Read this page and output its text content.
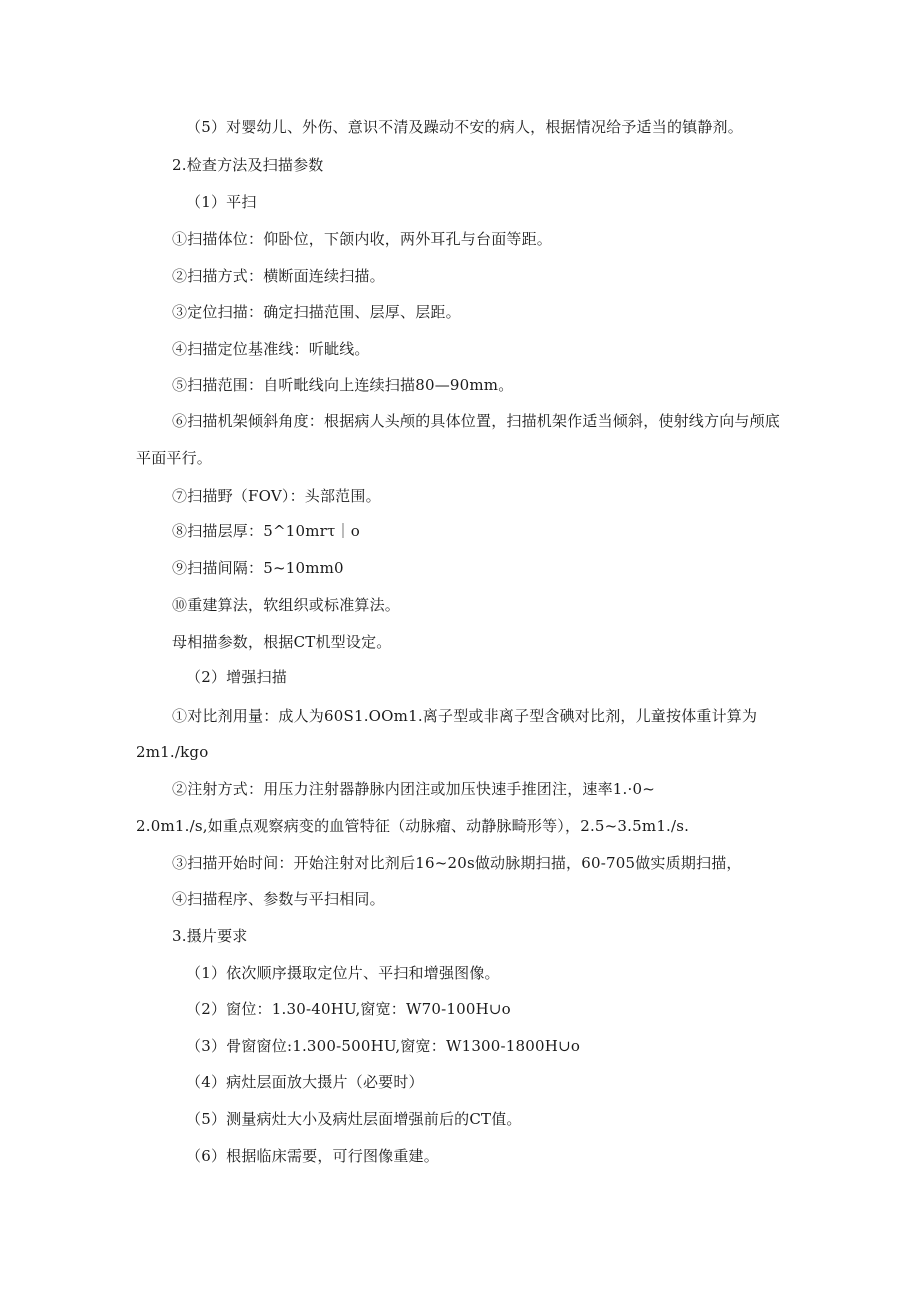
（5）对婴幼儿、外伤、意识不清及躁动不安的病人，根据情况给予适当的镇静剂。
2.检查方法及扫描参数
（1）平扫
①扫描体位：仰卧位，下颌内收，两外耳孔与台面等距。
②扫描方式：横断面连续扫描。
③定位扫描：确定扫描范围、层厚、层距。
④扫描定位基准线：听眦线。
⑤扫描范围：自听毗线向上连续扫描80—90mm。
⑥扫描机架倾斜角度：根据病人头颅的具体位置，扫描机架作适当倾斜，使射线方向与颅底
平面平行。
⑦扫描野（FOV）：头部范围。
⑧扫描层厚：5^10mrτ｜o
⑨扫描间隔：5~10mm0
⑩重建算法，软组织或标准算法。
母相描参数，根据CT机型设定。
（2）增强扫描
①对比剂用量：成人为60S1.OOm1.离子型或非离子型含碘对比剂，儿童按体重计算为
2m1./kgo
②注射方式：用压力注射器静脉内团注或加压快速手推团注，速率1.·0~
2.0m1./s,如重点观察病变的血管特征（动脉瘤、动静脉畸形等），2.5~3.5m1./s.
③扫描开始时间：开始注射对比剂后16~20s做动脉期扫描，60-705做实质期扫描，
④扫描程序、参数与平扫相同。
3.摄片要求
（1）依次顺序摄取定位片、平扫和增强图像。
（2）窗位：1.30-40HU,窗宽：W70-100H∪o
（3）骨窗窗位:1.300-500HU,窗宽：W1300-1800H∪o
（4）病灶层面放大摄片（必要时）
（5）测量病灶大小及病灶层面增强前后的CT值。
（6）根据临床需要，可行图像重建。
